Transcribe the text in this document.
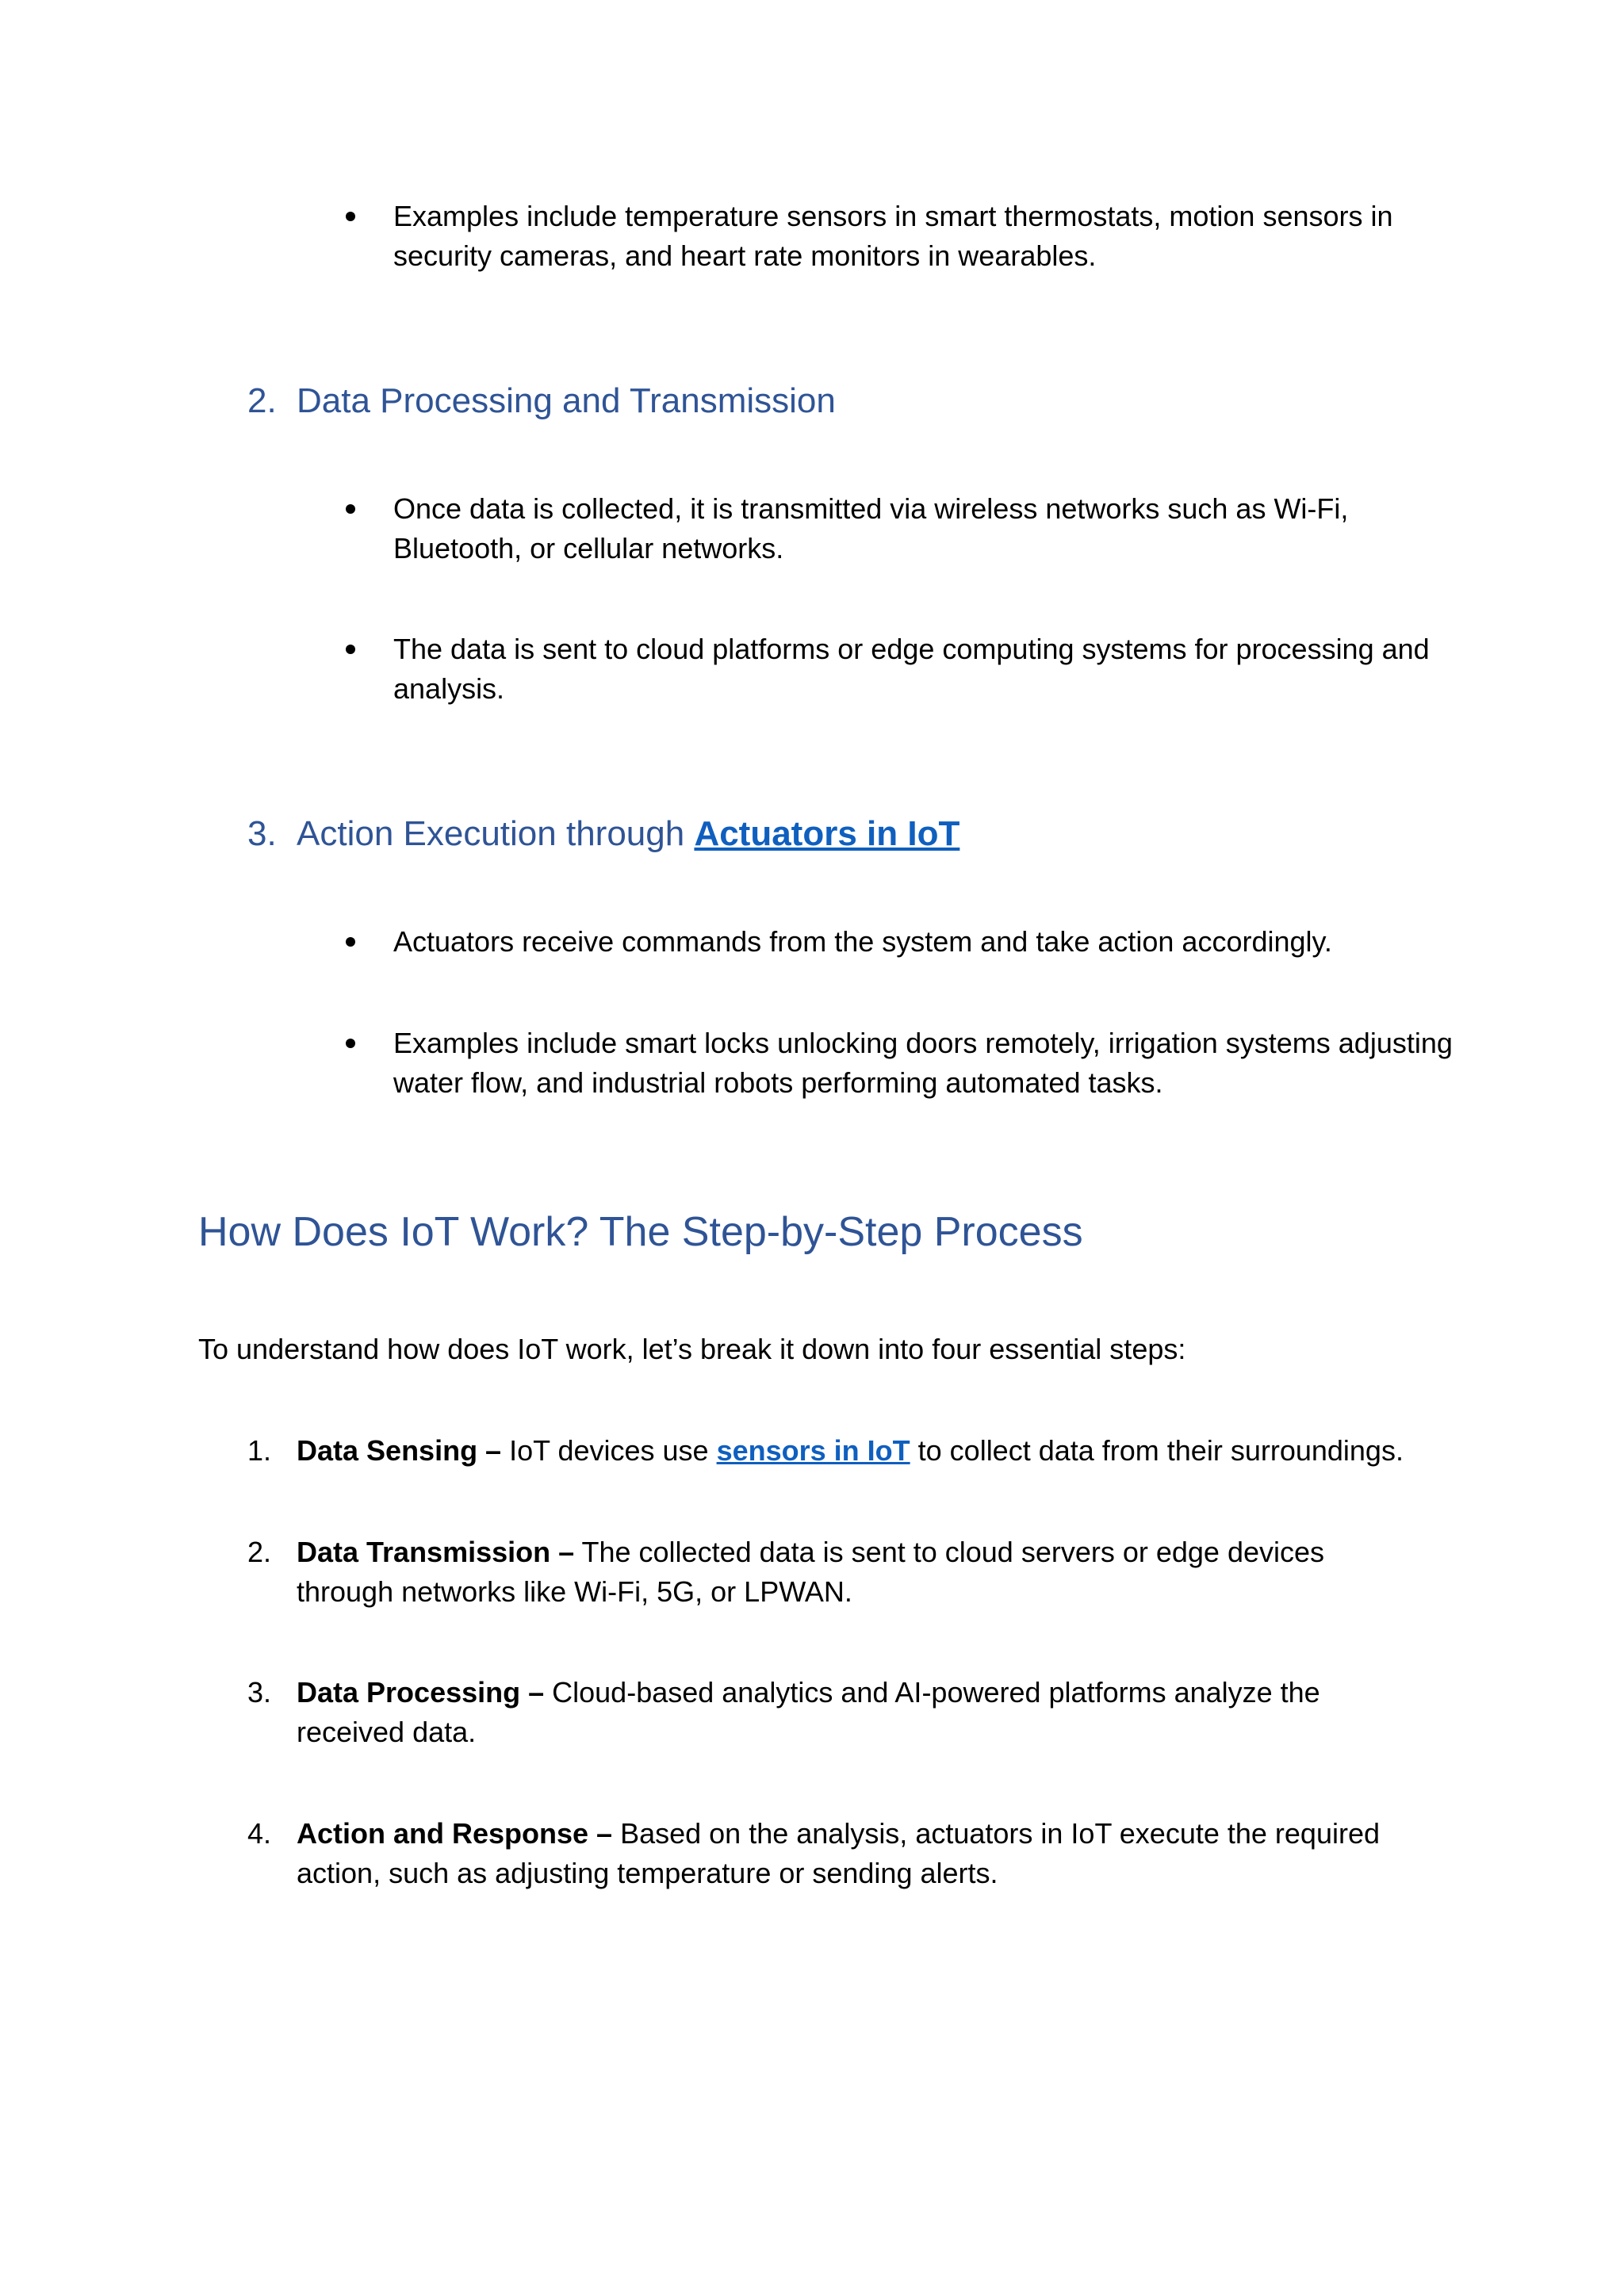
Examples include temperature sensors in smart thermostats, motion sensors in security cameras, and heart rate monitors in wearables.
2. Data Processing and Transmission
Once data is collected, it is transmitted via wireless networks such as Wi-Fi, Bluetooth, or cellular networks.
The data is sent to cloud platforms or edge computing systems for processing and analysis.
3. Action Execution through Actuators in IoT
Actuators receive commands from the system and take action accordingly.
Examples include smart locks unlocking doors remotely, irrigation systems adjusting water flow, and industrial robots performing automated tasks.
How Does IoT Work? The Step-by-Step Process
To understand how does IoT work, let’s break it down into four essential steps:
1. Data Sensing – IoT devices use sensors in IoT to collect data from their surroundings.
2. Data Transmission – The collected data is sent to cloud servers or edge devices through networks like Wi-Fi, 5G, or LPWAN.
3. Data Processing – Cloud-based analytics and AI-powered platforms analyze the received data.
4. Action and Response – Based on the analysis, actuators in IoT execute the required action, such as adjusting temperature or sending alerts.
